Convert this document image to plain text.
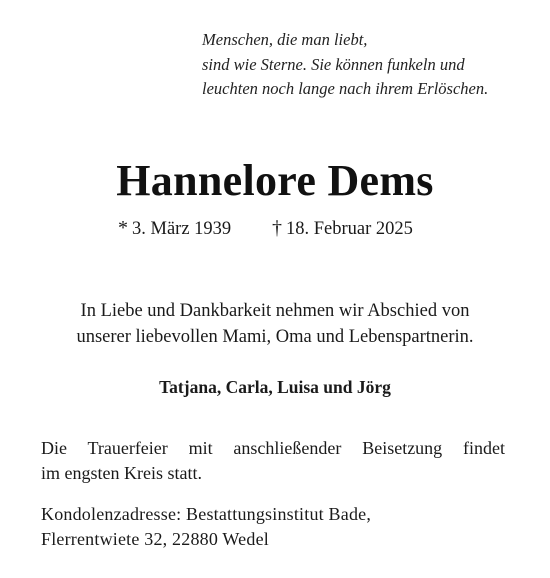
Menschen, die man liebt,
sind wie Sterne. Sie können funkeln und
leuchten noch lange nach ihrem Erlöschen.
Hannelore Dems
* 3. März 1939 † 18. Februar 2025
In Liebe und Dankbarkeit nehmen wir Abschied von
unserer liebevollen Mami, Oma und Lebenspartnerin.
Tatjana, Carla, Luisa und Jörg
Die Trauerfeier mit anschließender Beisetzung findet
im engsten Kreis statt.
Kondolenzadresse: Bestattungsinstitut Bade,
Flerrentwiete 32, 22880 Wedel
